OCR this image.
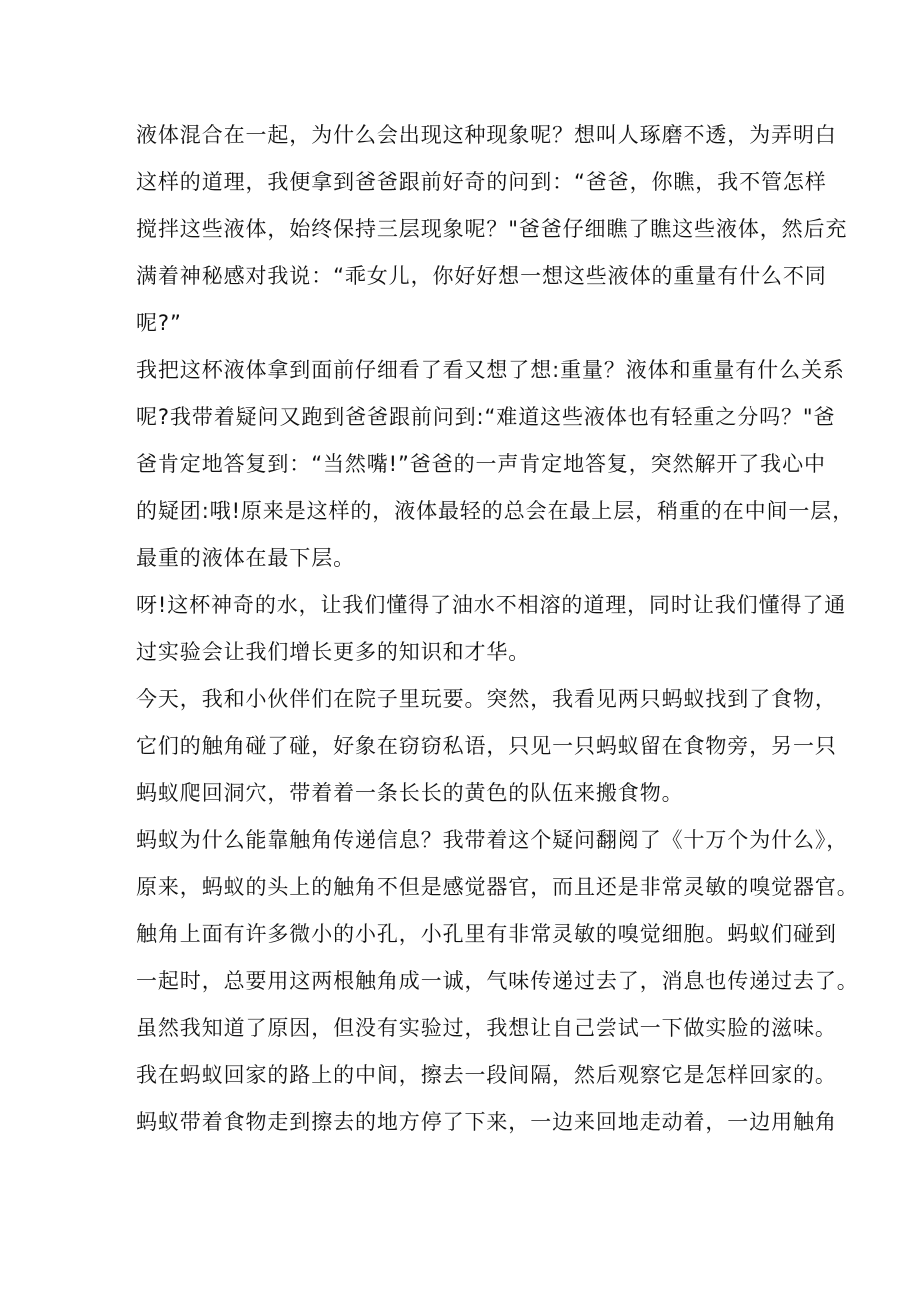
液体混合在一起，为什么会出现这种现象呢？想叫人琢磨不透，为弄明白
这样的道理，我便拿到爸爸跟前好奇的问到：“爸爸，你瞧，我不管怎样
搅拌这些液体，始终保持三层现象呢？"爸爸仔细瞧了瞧这些液体，然后充
满着神秘感对我说：“乖女儿，你好好想一想这些液体的重量有什么不同
呢?”
我把这杯液体拿到面前仔细看了看又想了想:重量？液体和重量有什么关系
呢?我带着疑问又跑到爸爸跟前问到:“难道这些液体也有轻重之分吗？"爸
爸肯定地答复到：“当然嘴!”爸爸的一声肯定地答复，突然解开了我心中
的疑团:哦!原来是这样的，液体最轻的总会在最上层，稍重的在中间一层，
最重的液体在最下层。
呀!这杯神奇的水，让我们懂得了油水不相溶的道理，同时让我们懂得了通
过实验会让我们增长更多的知识和才华。
今天，我和小伙伴们在院子里玩要。突然，我看见两只蚂蚁找到了食物，
它们的触角碰了碰，好象在窃窃私语，只见一只蚂蚁留在食物旁，另一只
蚂蚁爬回洞穴，带着着一条长长的黄色的队伍来搬食物。
蚂蚁为什么能靠触角传递信息？我带着这个疑问翻阅了《十万个为什么》，
原来，蚂蚁的头上的触角不但是感觉器官，而且还是非常灵敏的嗅觉器官。
触角上面有许多微小的小孔，小孔里有非常灵敏的嗅觉细胞。蚂蚁们碰到
一起时，总要用这两根触角成一诚，气味传递过去了，消息也传递过去了。
虽然我知道了原因，但没有实验过，我想让自己尝试一下做实脸的滋味。
我在蚂蚁回家的路上的中间，擦去一段间隔，然后观察它是怎样回家的。
蚂蚁带着食物走到擦去的地方停了下来，一边来回地走动着，一边用触角
